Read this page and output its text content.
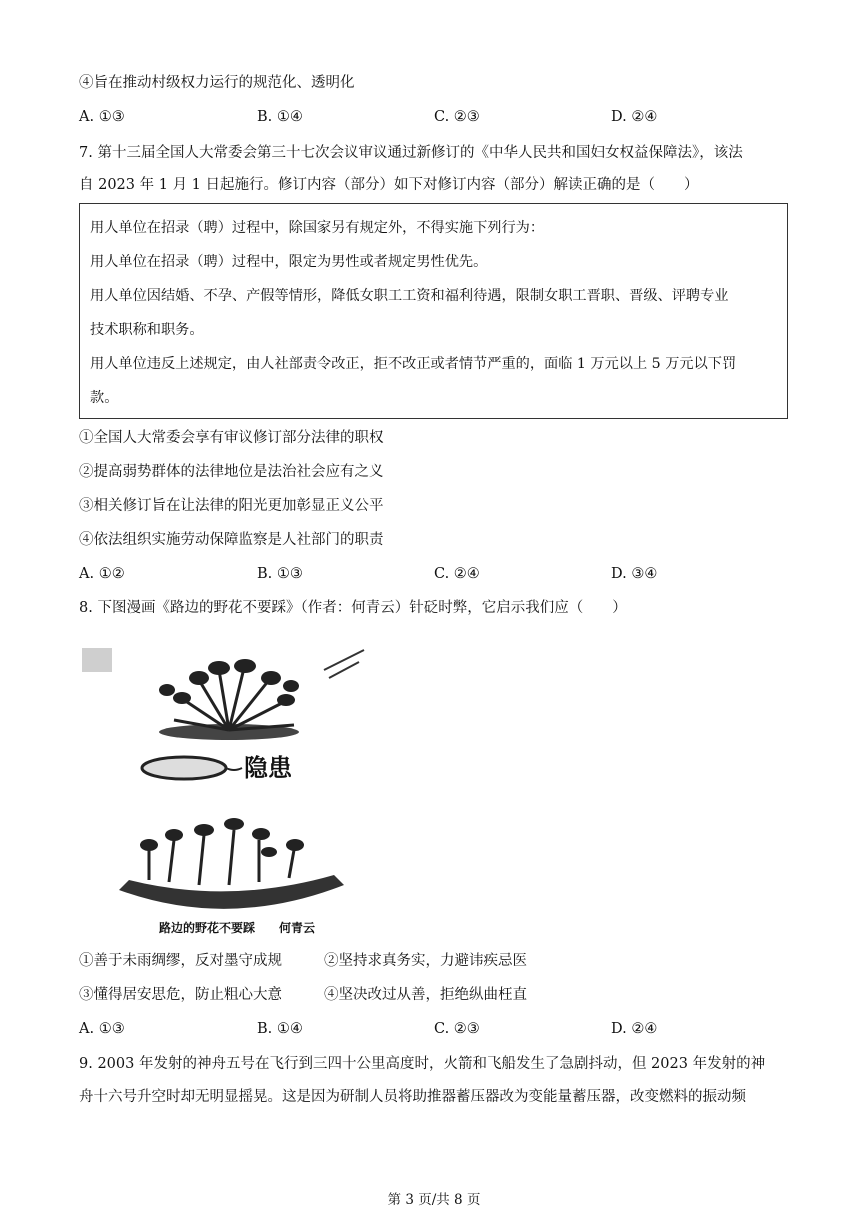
④旨在推动村级权力运行的规范化、透明化
A. ①③	B. ①④	C. ②③	D. ②④
7. 第十三届全国人大常委会第三十七次会议审议通过新修订的《中华人民共和国妇女权益保障法》，该法
自 2023 年 1 月 1 日起施行。修订内容（部分）如下对修订内容（部分）解读正确的是（　　）
用人单位在招录（聘）过程中，除国家另有规定外，不得实施下列行为：
用人单位在招录（聘）过程中，限定为男性或者规定男性优先。
用人单位因结婚、不孕、产假等情形，降低女职工工资和福利待遇，限制女职工晋职、晋级、评聘专业
技术职称和职务。
用人单位违反上述规定，由人社部责令改正，拒不改正或者情节严重的，面临 1 万元以上 5 万元以下罚
款。
①全国人大常委会享有审议修订部分法律的职权
②提高弱势群体的法律地位是法治社会应有之义
③相关修订旨在让法律的阳光更加彰显正义公平
④依法组织实施劳动保障监察是人社部门的职责
A. ①②	B. ①③	C. ②④	D. ③④
8. 下图漫画《路边的野花不要踩》（作者：何青云）针砭时弊，它启示我们应（　　）
隐患
路边的野花不要踩　　何青云
①善于未雨绸缪，反对墨守成规	②坚持求真务实，力避讳疾忌医
③懂得居安思危，防止粗心大意	④坚决改过从善，拒绝纵曲枉直
A. ①③	B. ①④	C. ②③	D. ②④
9. 2003 年发射的神舟五号在飞行到三四十公里高度时，火箭和飞船发生了急剧抖动，但 2023 年发射的神
舟十六号升空时却无明显摇晃。这是因为研制人员将助推器蓄压器改为变能量蓄压器，改变燃料的振动频
第 3 页/共 8 页
